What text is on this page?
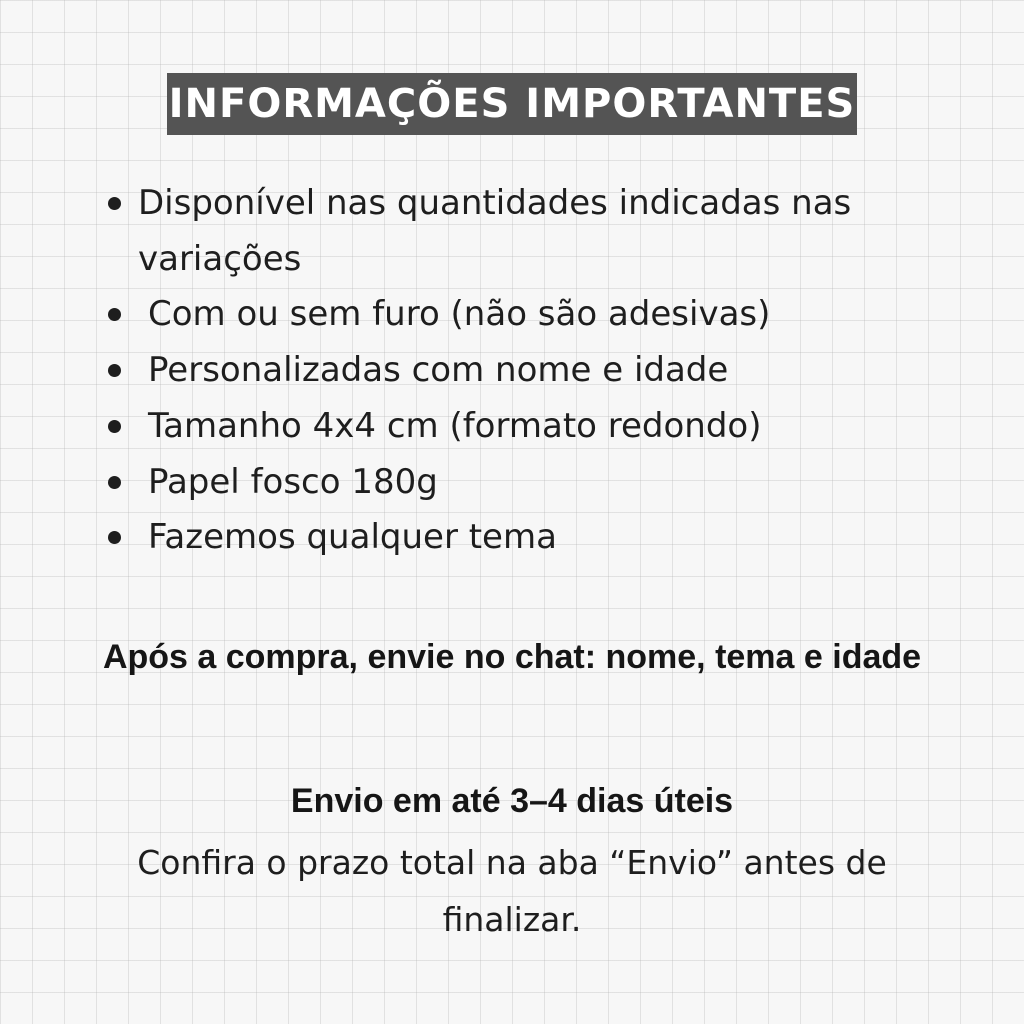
INFORMAÇÕES IMPORTANTES
Disponível nas quantidades indicadas nas variações
Com ou sem furo (não são adesivas)
Personalizadas com nome e idade
Tamanho 4x4 cm (formato redondo)
Papel fosco 180g
Fazemos qualquer tema
Após a compra, envie no chat: nome, tema e idade
Envio em até 3–4 dias úteis
Confira o prazo total na aba “Envio” antes de finalizar.
